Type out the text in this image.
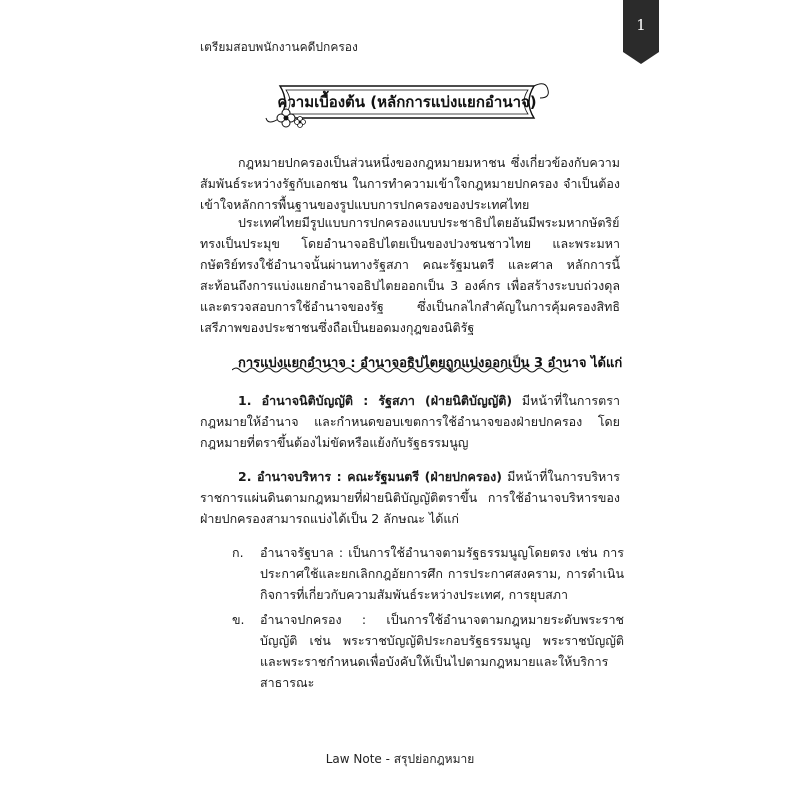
เตรียมสอบพนักงานคดีปกครอง
1
ความเบื้องต้น (หลักการแบ่งแยกอำนาจ)

กฎหมายปกครองเป็นส่วนหนึ่งของกฎหมายมหาชน ซึ่งเกี่ยวข้องกับความสัมพันธ์ระหว่างรัฐกับเอกชน ในการทำความเข้าใจกฎหมายปกครอง จำเป็นต้องเข้าใจหลักการพื้นฐานของรูปแบบการปกครองของประเทศไทย

ประเทศไทยมีรูปแบบการปกครองแบบประชาธิปไตยอันมีพระมหากษัตริย์ทรงเป็นประมุข โดยอำนาจอธิปไตยเป็นของปวงชนชาวไทย และพระมหากษัตริย์ทรงใช้อำนาจนั้นผ่านทางรัฐสภา คณะรัฐมนตรี และศาล หลักการนี้สะท้อนถึงการแบ่งแยกอำนาจอธิปไตยออกเป็น 3 องค์กร เพื่อสร้างระบบถ่วงดุลและตรวจสอบการใช้อำนาจของรัฐ ซึ่งเป็นกลไกสำคัญในการคุ้มครองสิทธิเสรีภาพของประชาชนซึ่งถือเป็นยอดมงกุฎของนิติรัฐ

การแบ่งแยกอำนาจ : อำนาจอธิปไตยถูกแบ่งออกเป็น 3 อำนาจ ได้แก่

1. อำนาจนิติบัญญัติ : รัฐสภา (ฝ่ายนิติบัญญัติ) มีหน้าที่ในการตรากฎหมายให้อำนาจ และกำหนดขอบเขตการใช้อำนาจของฝ่ายปกครอง โดยกฎหมายที่ตราขึ้นต้องไม่ขัดหรือแย้งกับรัฐธรรมนูญ

2. อำนาจบริหาร : คณะรัฐมนตรี (ฝ่ายปกครอง) มีหน้าที่ในการบริหารราชการแผ่นดินตามกฎหมายที่ฝ่ายนิติบัญญัติตราขึ้น การใช้อำนาจบริหารของฝ่ายปกครองสามารถแบ่งได้เป็น 2 ลักษณะ ได้แก่

ก.	อำนาจรัฐบาล : เป็นการใช้อำนาจตามรัฐธรรมนูญโดยตรง เช่น การประกาศใช้และยกเลิกกฎอัยการศึก การประกาศสงคราม, การดำเนินกิจการที่เกี่ยวกับความสัมพันธ์ระหว่างประเทศ, การยุบสภา
ข.	อำนาจปกครอง : เป็นการใช้อำนาจตามกฎหมายระดับพระราชบัญญัติ เช่น พระราชบัญญัติประกอบรัฐธรรมนูญ พระราชบัญญัติ และพระราชกำหนดเพื่อบังคับให้เป็นไปตามกฎหมายและให้บริการสาธารณะ
Law Note - สรุปย่อกฎหมาย
